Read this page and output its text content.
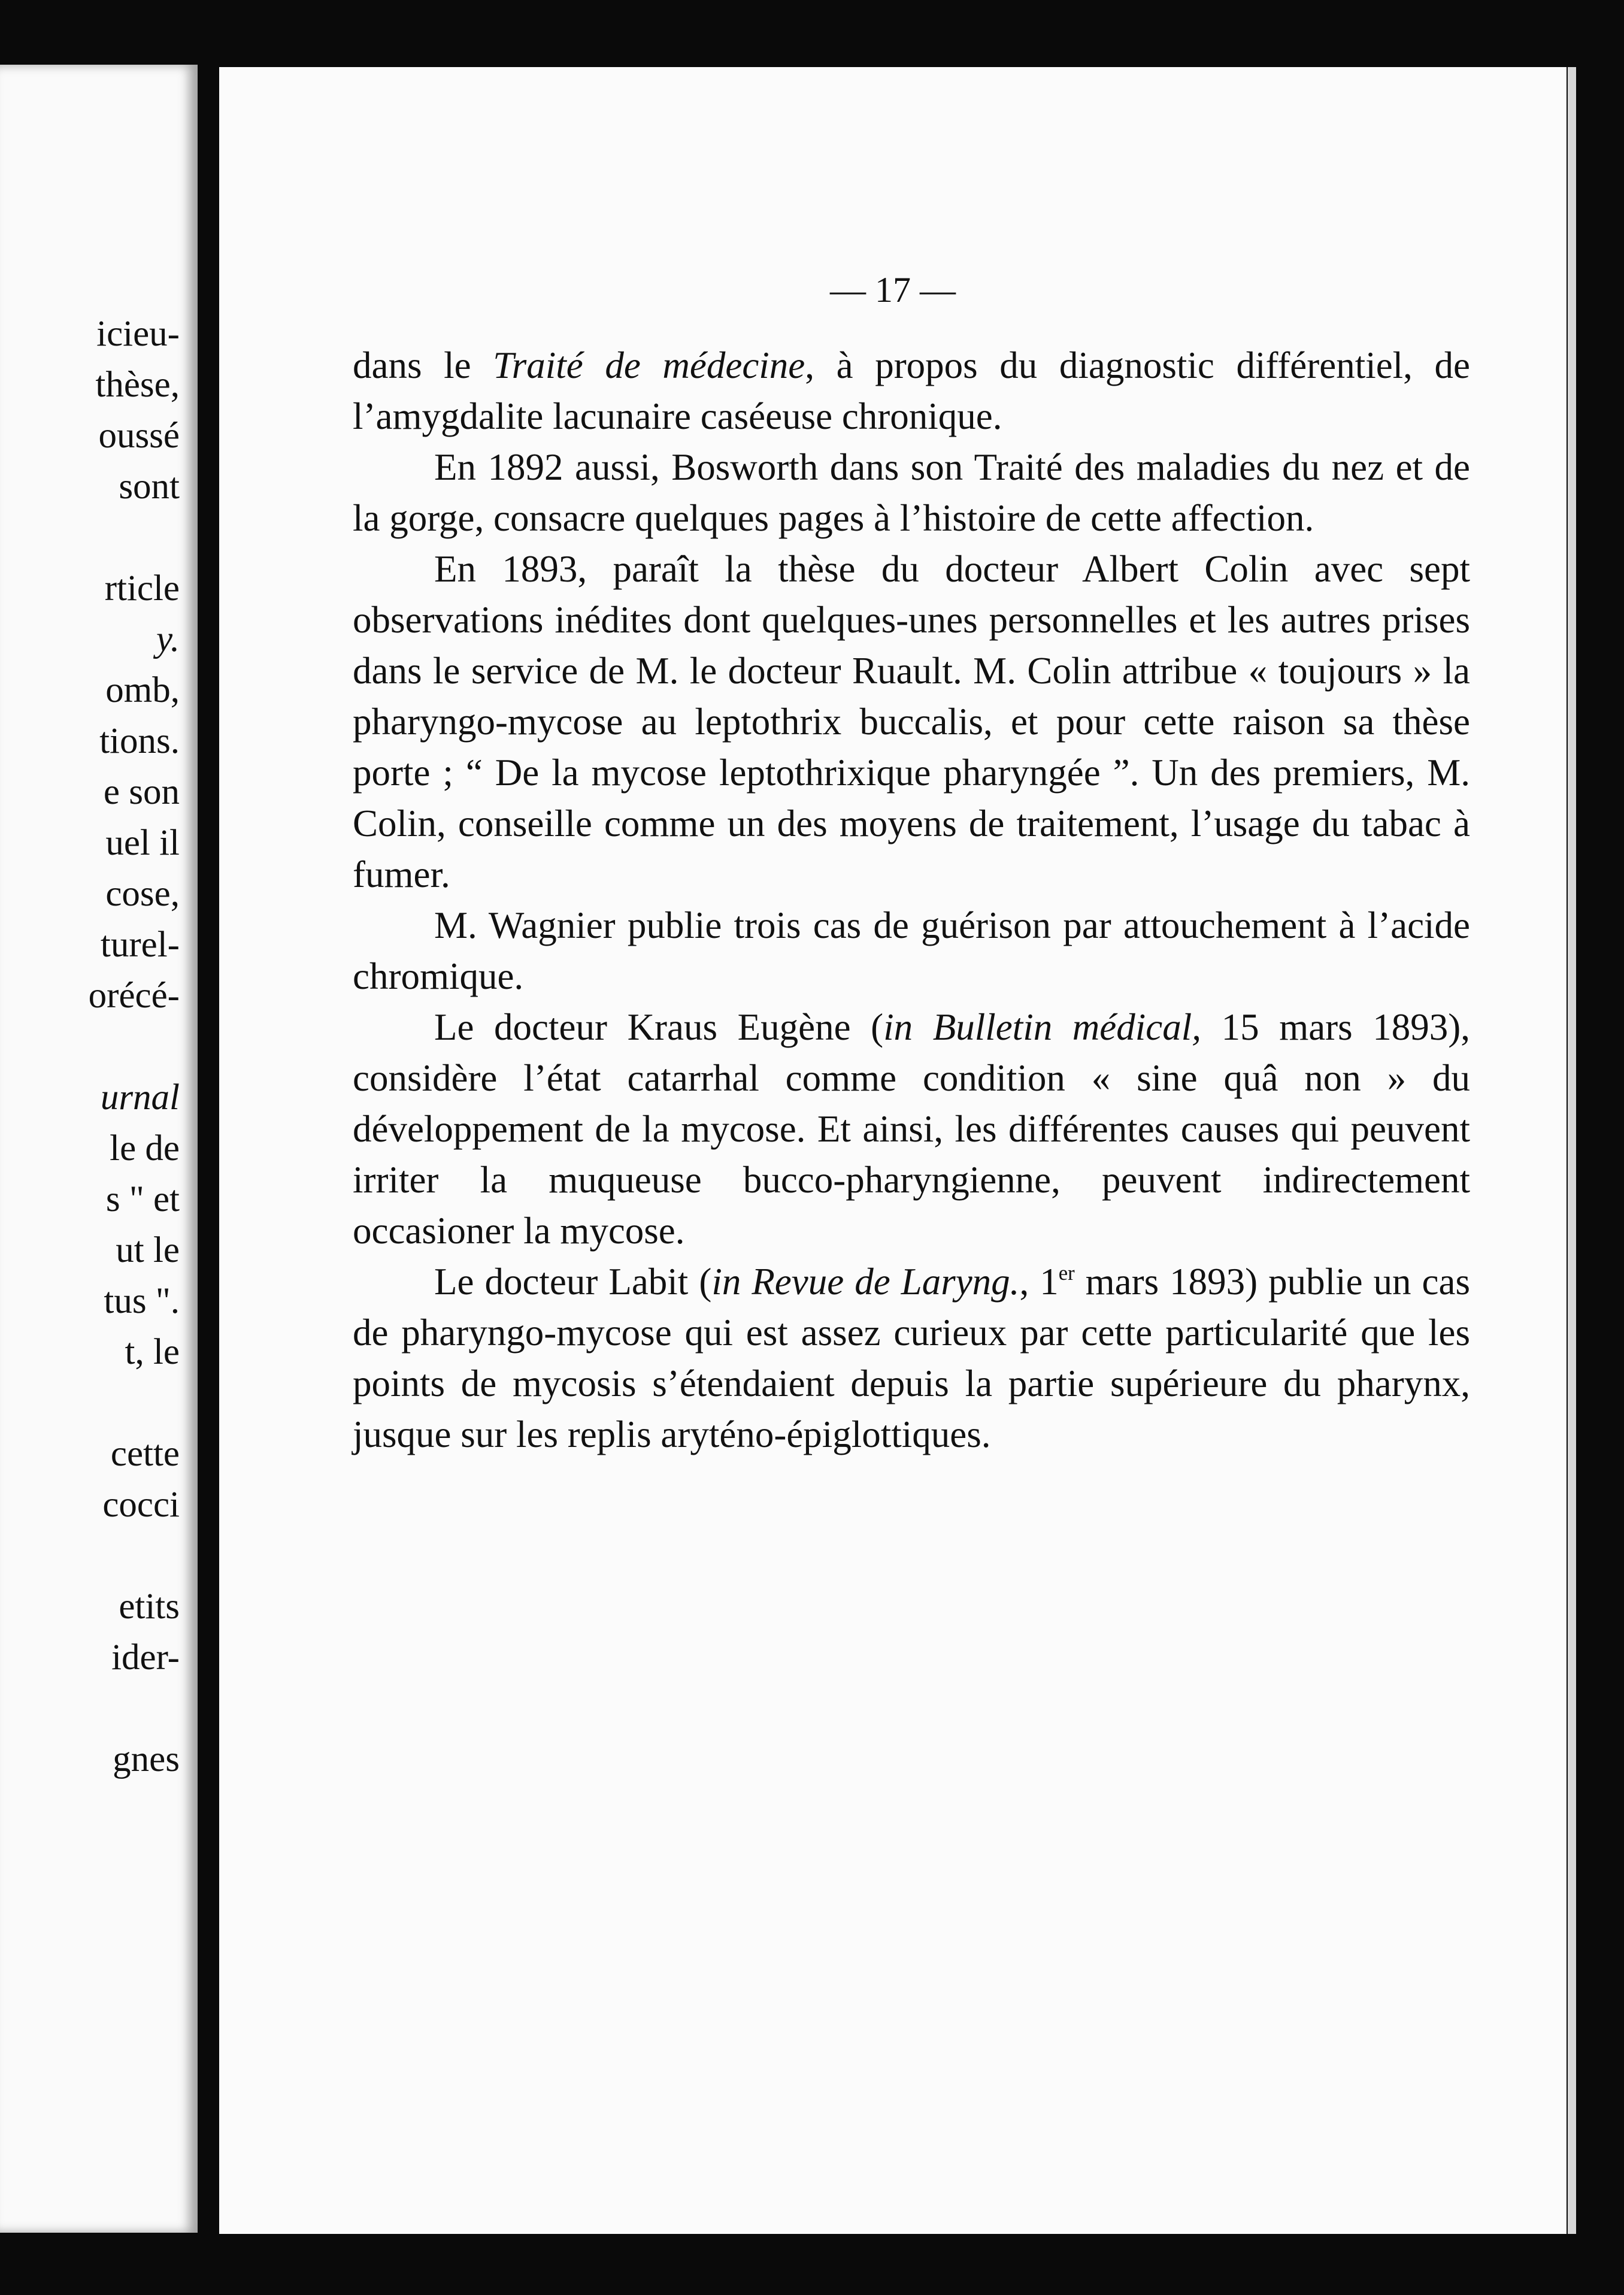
icieu-
thèse,
oussé
sont
rticle
y.
omb,
tions.
e son
uel il
cose,
turel-
orécé-
urnal
le de
s " et
ut le
tus ".
t, le
cette
cocci
etits
ider-
gnes
— 17 —

dans le Traité de médecine, à propos du diagnostic différentiel, de l’amygdalite lacunaire caséeuse chronique.

En 1892 aussi, Bosworth dans son Traité des maladies du nez et de la gorge, consacre quelques pages à l’histoire de cette affection.

En 1893, paraît la thèse du docteur Albert Colin avec sept observations inédites dont quelques-unes personnelles et les autres prises dans le service de M. le docteur Ruault. M. Colin attribue « toujours » la pharyngo-mycose au leptothrix buccalis, et pour cette raison sa thèse porte ; “ De la mycose leptothrixique pharyngée ”. Un des premiers, M. Colin, conseille comme un des moyens de traitement, l’usage du tabac à fumer.

M. Wagnier publie trois cas de guérison par attouchement à l’acide chromique.

Le docteur Kraus Eugène (in Bulletin médical, 15 mars 1893), considère l’état catarrhal comme condition « sine quâ non » du développement de la mycose. Et ainsi, les différentes causes qui peuvent irriter la muqueuse bucco-pharyngienne, peuvent indirectement occasioner la mycose.

Le docteur Labit (in Revue de Laryng., 1er mars 1893) publie un cas de pharyngo-mycose qui est assez curieux par cette particularité que les points de mycosis s’étendaient depuis la partie supérieure du pharynx, jusque sur les replis aryténo-épiglottiques.
